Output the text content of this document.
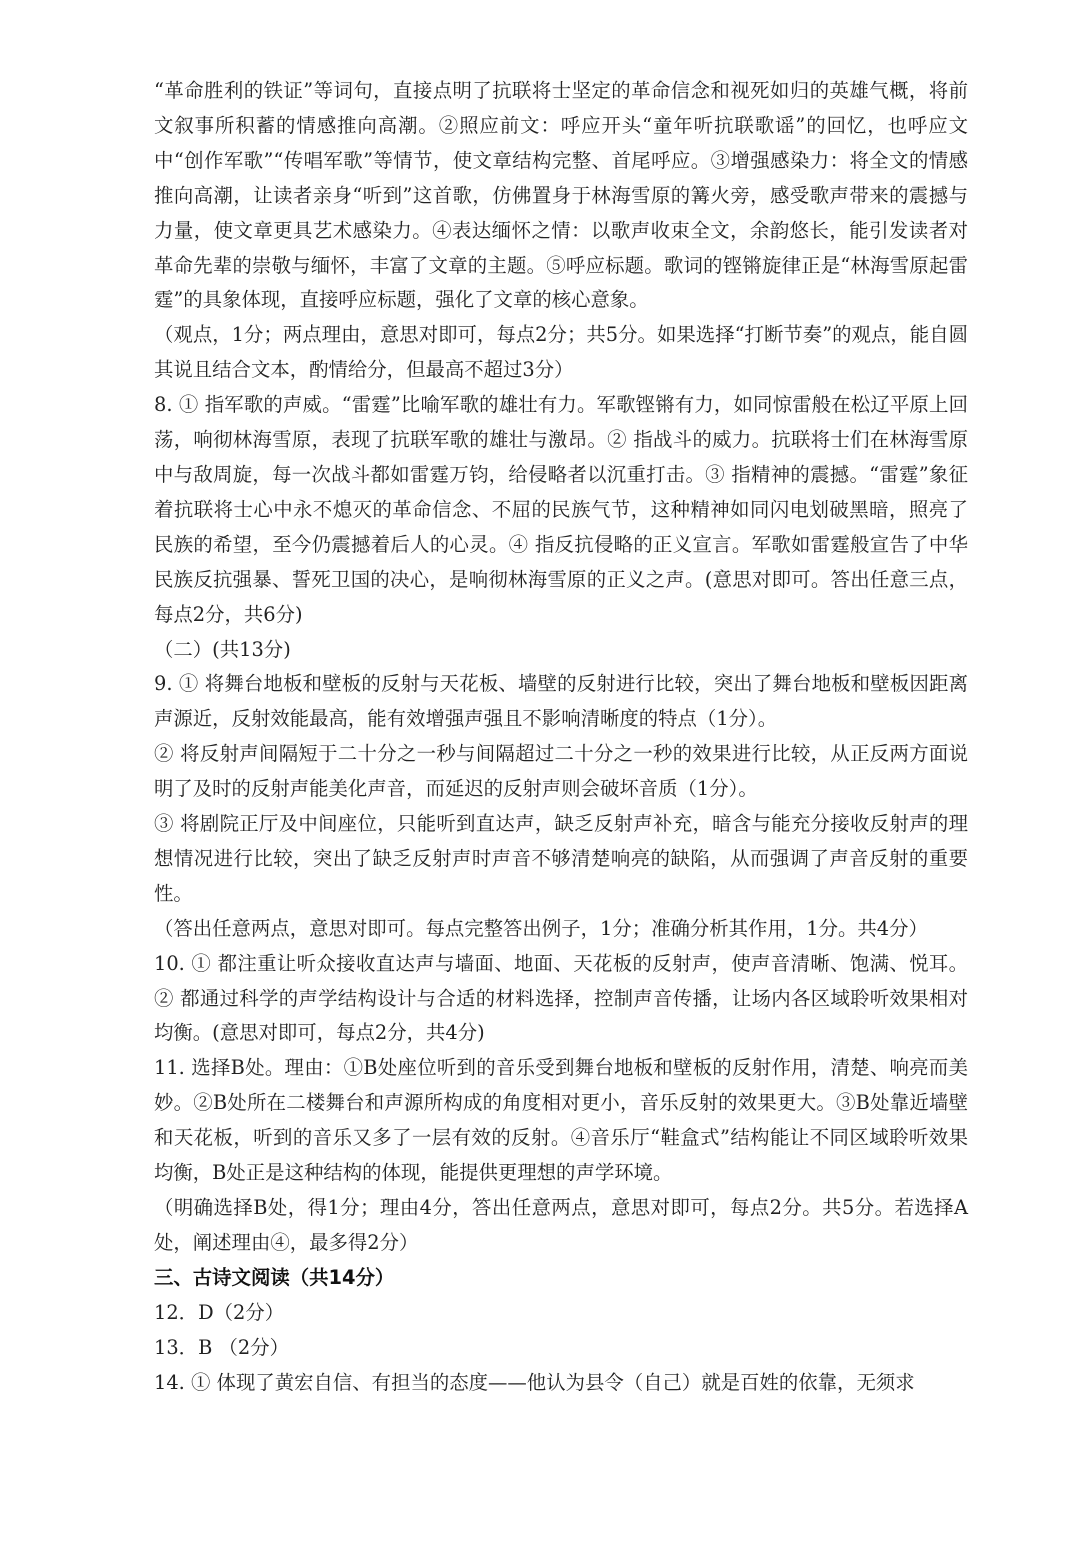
“革命胜利的铁证”等词句，直接点明了抗联将士坚定的革命信念和视死如归的英雄气概，将前文叙事所积蓄的情感推向高潮。②照应前文：呼应开头“童年听抗联歌谣”的回忆，也呼应文中“创作军歌”“传唱军歌”等情节，使文章结构完整、首尾呼应。③增强感染力：将全文的情感推向高潮，让读者亲身“听到”这首歌，仿佛置身于林海雪原的篝火旁，感受歌声带来的震撼与力量，使文章更具艺术感染力。④表达缅怀之情：以歌声收束全文，余韵悠长，能引发读者对革命先辈的崇敬与缅怀，丰富了文章的主题。⑤呼应标题。歌词的铿锵旋律正是“林海雪原起雷霆”的具象体现，直接呼应标题，强化了文章的核心意象。

（观点，1分；两点理由，意思对即可，每点2分；共5分。如果选择“打断节奏”的观点，能自圆其说且结合文本，酌情给分，但最高不超过3分）

8. ① 指军歌的声威。“雷霆”比喻军歌的雄壮有力。军歌铿锵有力，如同惊雷般在松辽平原上回荡，响彻林海雪原，表现了抗联军歌的雄壮与激昂。② 指战斗的威力。抗联将士们在林海雪原中与敌周旋，每一次战斗都如雷霆万钧，给侵略者以沉重打击。③ 指精神的震撼。“雷霆”象征着抗联将士心中永不熄灭的革命信念、不屈的民族气节，这种精神如同闪电划破黑暗，照亮了民族的希望，至今仍震撼着后人的心灵。④ 指反抗侵略的正义宣言。军歌如雷霆般宣告了中华民族反抗强暴、誓死卫国的决心，是响彻林海雪原的正义之声。(意思对即可。答出任意三点，每点2分，共6分)

（二）(共13分)

9. ① 将舞台地板和壁板的反射与天花板、墙壁的反射进行比较，突出了舞台地板和壁板因距离声源近，反射效能最高，能有效增强声强且不影响清晰度的特点（1分）。

② 将反射声间隔短于二十分之一秒与间隔超过二十分之一秒的效果进行比较，从正反两方面说明了及时的反射声能美化声音，而延迟的反射声则会破坏音质（1分）。

③ 将剧院正厅及中间座位，只能听到直达声，缺乏反射声补充，暗含与能充分接收反射声的理想情况进行比较，突出了缺乏反射声时声音不够清楚响亮的缺陷，从而强调了声音反射的重要性。

（答出任意两点，意思对即可。每点完整答出例子，1分；准确分析其作用，1分。共4分）

10. ① 都注重让听众接收直达声与墙面、地面、天花板的反射声，使声音清晰、饱满、悦耳。② 都通过科学的声学结构设计与合适的材料选择，控制声音传播，让场内各区域聆听效果相对均衡。(意思对即可，每点2分，共4分)

11. 选择B处。理由：①B处座位听到的音乐受到舞台地板和壁板的反射作用，清楚、响亮而美妙。②B处所在二楼舞台和声源所构成的角度相对更小，音乐反射的效果更大。③B处靠近墙壁和天花板，听到的音乐又多了一层有效的反射。④音乐厅“鞋盒式”结构能让不同区域聆听效果均衡，B处正是这种结构的体现，能提供更理想的声学环境。

（明确选择B处，得1分；理由4分，答出任意两点，意思对即可，每点2分。共5分。若选择A处，阐述理由④，最多得2分）

三、古诗文阅读（共14分）

12．D（2分）

13．B （2分）

14. ① 体现了黄宏自信、有担当的态度——他认为县令（自己）就是百姓的依靠，无须求
